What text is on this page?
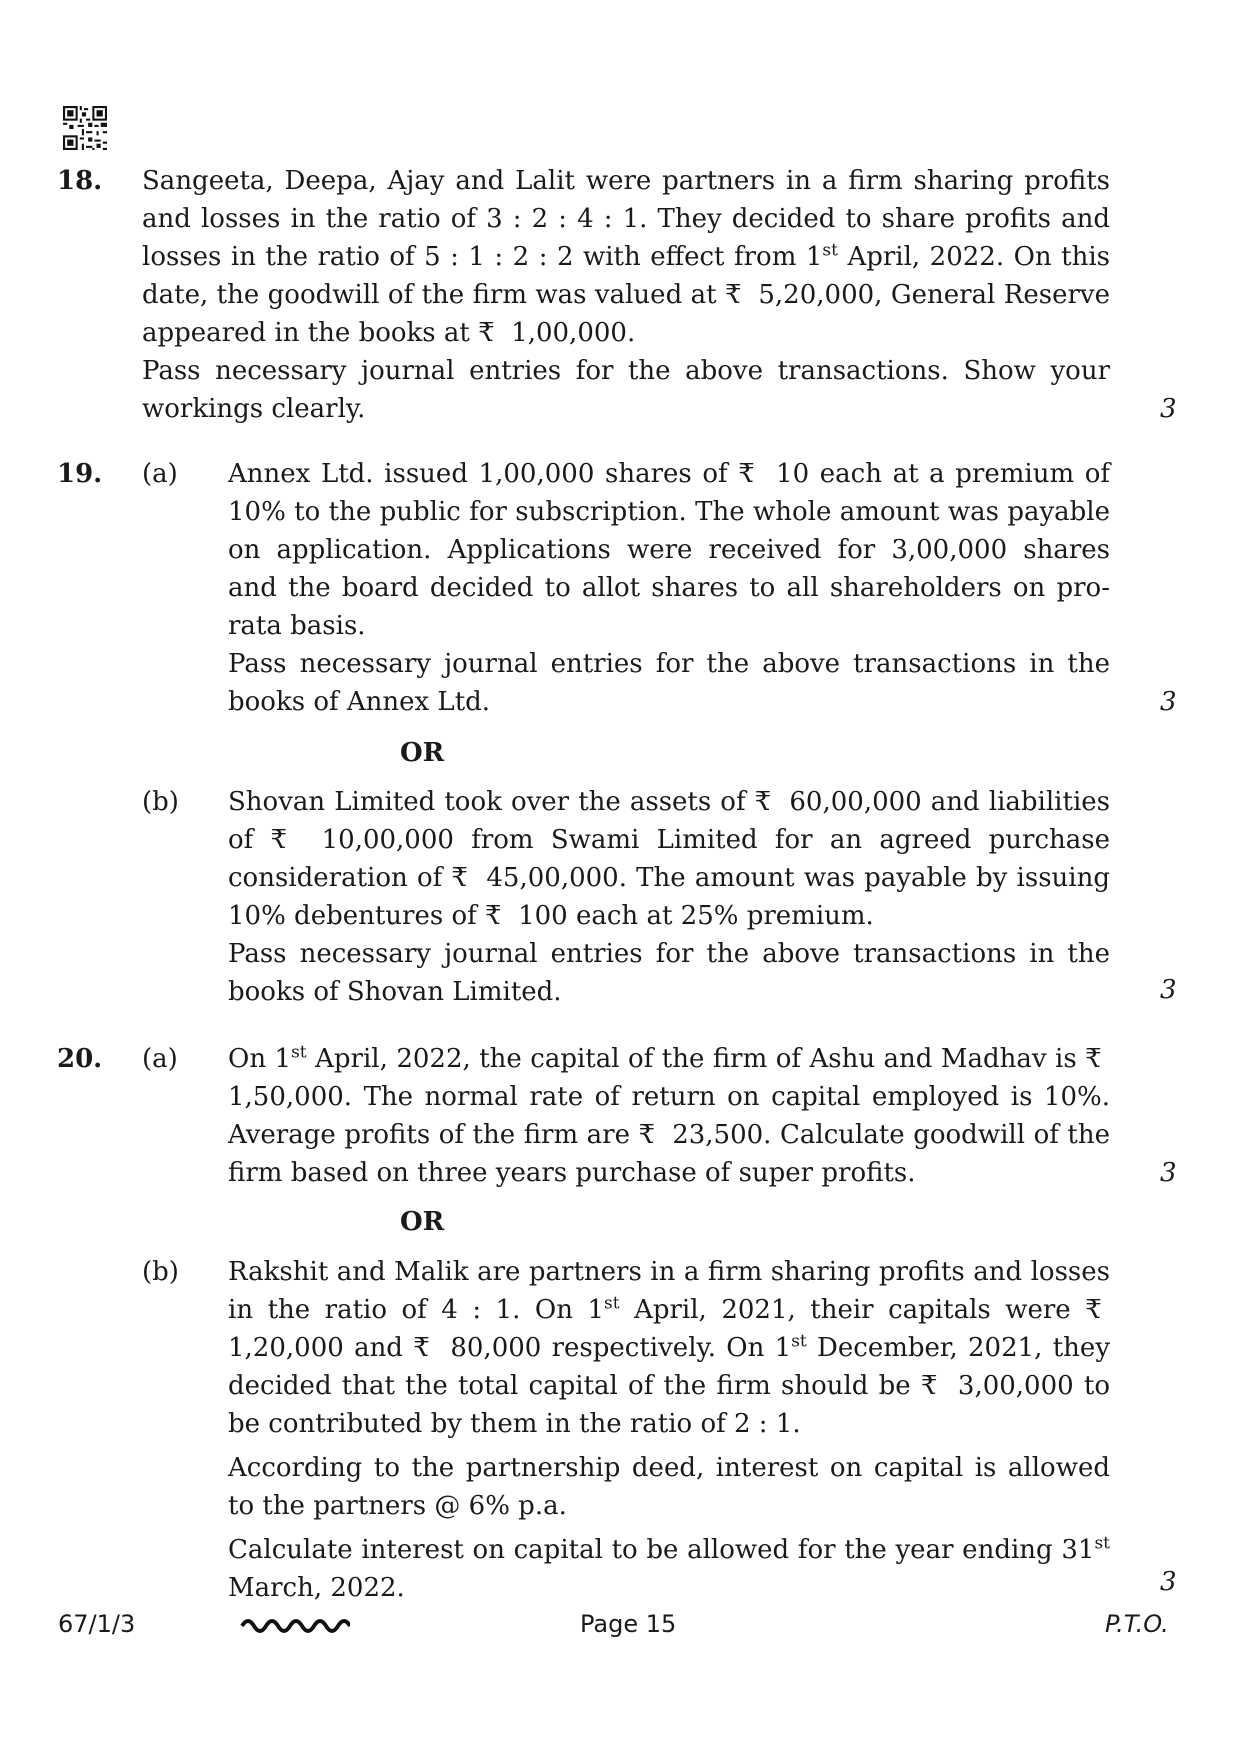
18. Sangeeta, Deepa, Ajay and Lalit were partners in a firm sharing profits and losses in the ratio of 3 : 2 : 4 : 1. They decided to share profits and losses in the ratio of 5 : 1 : 2 : 2 with effect from 1st April, 2022. On this date, the goodwill of the firm was valued at ₹  5,20,000, General Reserve appeared in the books at ₹  1,00,000.

Pass necessary journal entries for the above transactions. Show your workings clearly.	3
19. (a) Annex Ltd. issued 1,00,000 shares of ₹  10 each at a premium of 10% to the public for subscription. The whole amount was payable on application. Applications were received for 3,00,000 shares and the board decided to allot shares to all shareholders on pro-rata basis.

Pass necessary journal entries for the above transactions in the books of Annex Ltd.	3
OR
(b) Shovan Limited took over the assets of ₹  60,00,000 and liabilities of ₹  10,00,000 from Swami Limited for an agreed purchase consideration of ₹  45,00,000. The amount was payable by issuing 10% debentures of ₹  100 each at 25% premium.

Pass necessary journal entries for the above transactions in the books of Shovan Limited.	3
20. (a) On 1st April, 2022, the capital of the firm of Ashu and Madhav is ₹  1,50,000. The normal rate of return on capital employed is 10%. Average profits of the firm are ₹  23,500. Calculate goodwill of the firm based on three years purchase of super profits.	3
OR
(b) Rakshit and Malik are partners in a firm sharing profits and losses in the ratio of 4 : 1. On 1st April, 2021, their capitals were ₹  1,20,000 and ₹  80,000 respectively. On 1st December, 2021, they decided that the total capital of the firm should be ₹  3,00,000 to be contributed by them in the ratio of 2 : 1.

According to the partnership deed, interest on capital is allowed to the partners @ 6% p.a.

Calculate interest on capital to be allowed for the year ending 31st March, 2022.	3
67/1/3	Page 15	P.T.O.
